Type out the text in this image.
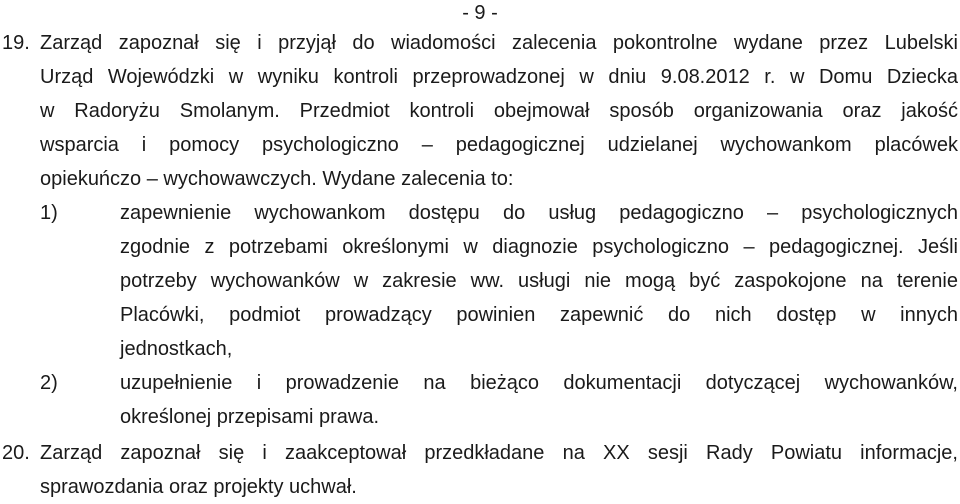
- 9 -
19. Zarząd zapoznał się i przyjął do wiadomości zalecenia pokontrolne wydane przez Lubelski
Urząd Wojewódzki w wyniku kontroli przeprowadzonej w dniu 9.08.2012 r. w Domu Dziecka
w Radoryżu Smolanym. Przedmiot kontroli obejmował sposób organizowania oraz jakość
wsparcia i pomocy psychologiczno – pedagogicznej udzielanej wychowankom placówek
opiekuńczo – wychowawczych. Wydane zalecenia to:
1)	zapewnienie wychowankom dostępu do usług pedagogiczno – psychologicznych
zgodnie z potrzebami określonymi w diagnozie psychologiczno – pedagogicznej. Jeśli
potrzeby wychowanków w zakresie ww. usługi nie mogą być zaspokojone na terenie
Placówki, podmiot prowadzący powinien zapewnić do nich dostęp w innych
jednostkach,
2)	uzupełnienie i prowadzenie na bieżąco dokumentacji dotyczącej wychowanków,
określonej przepisami prawa.
20. Zarząd zapoznał się i zaakceptował przedkładane na XX sesji Rady Powiatu informacje,
sprawozdania oraz projekty uchwał.
